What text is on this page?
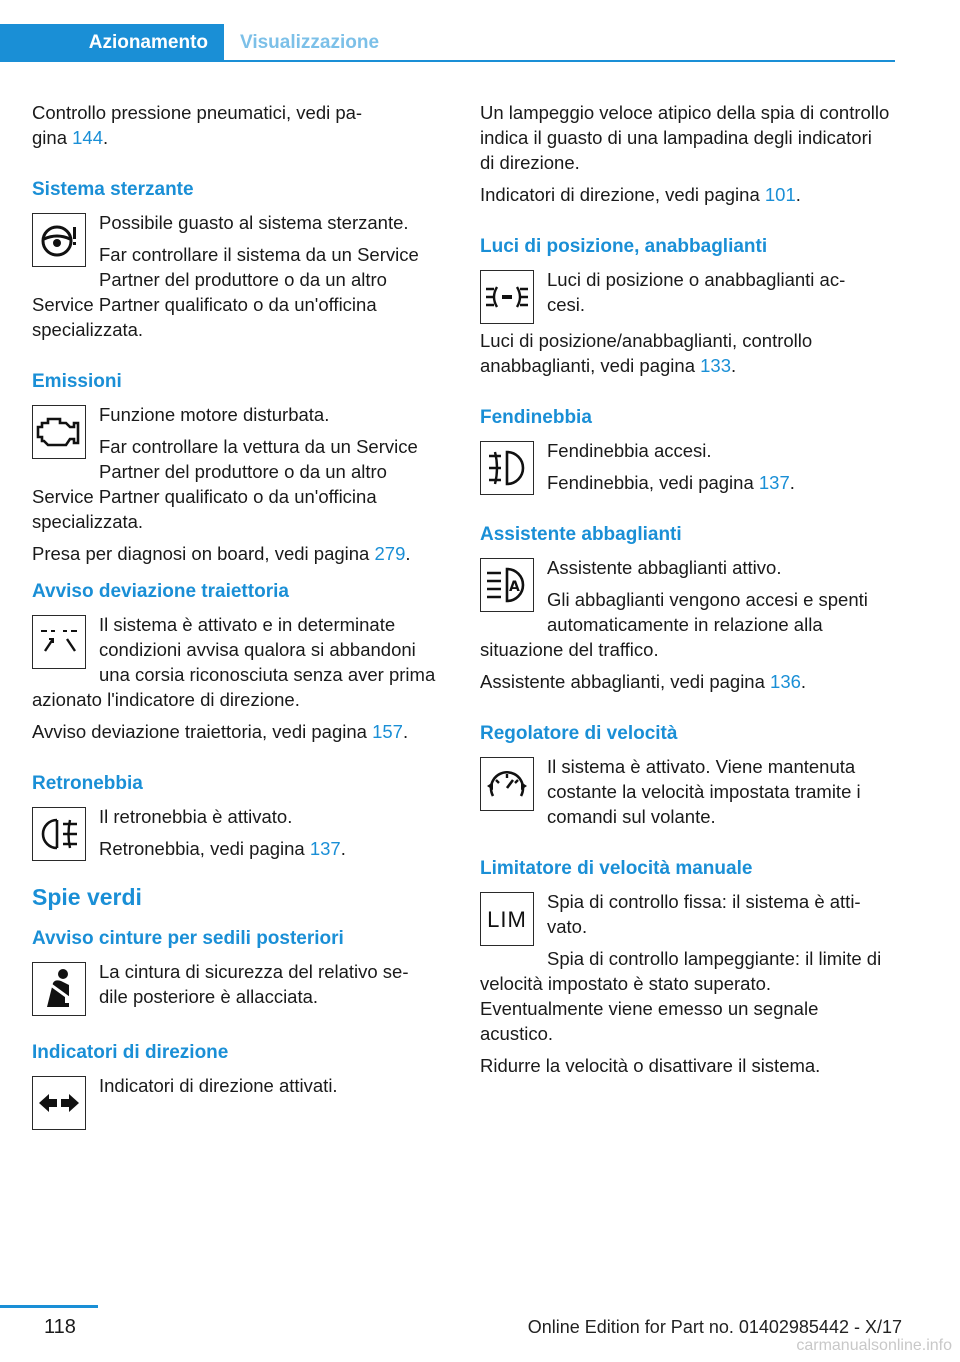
Azionamento	Visualizzazione

Controllo pressione pneumatici, vedi pa-
gina 144.

Sistema sterzante

Possibile guasto al sistema sterzante.

Far controllare il sistema da un Service Partner del produttore o da un altro Service Partner qualificato o da un'officina specializzata.

Emissioni

Funzione motore disturbata.

Far controllare la vettura da un Service Partner del produttore o da un altro Service Partner qualificato o da un'officina specializzata.

Presa per diagnosi on board, vedi pagina 279.

Avviso deviazione traiettoria

Il sistema è attivato e in determinate condizioni avvisa qualora si abbandoni una corsia riconosciuta senza aver prima azionato l'indicatore di direzione.

Avviso deviazione traiettoria, vedi pagina 157.

Retronebbia

Il retronebbia è attivato.

Retronebbia, vedi pagina 137.

Spie verdi
Avviso cinture per sedili posteriori

La cintura di sicurezza del relativo se-
dile posteriore è allacciata.

Indicatori di direzione

Indicatori di direzione attivati.

Un lampeggio veloce atipico della spia di controllo indica il guasto di una lampadina degli indicatori di direzione.

Indicatori di direzione, vedi pagina 101.

Luci di posizione, anabbaglianti

Luci di posizione o anabbaglianti ac-
cesi.

Luci di posizione/anabbaglianti, controllo anabbaglianti, vedi pagina 133.

Fendinebbia

Fendinebbia accesi.

Fendinebbia, vedi pagina 137.

Assistente abbaglianti
A

Assistente abbaglianti attivo.

Gli abbaglianti vengono accesi e spenti automaticamente in relazione alla situazione del traffico.

Assistente abbaglianti, vedi pagina 136.

Regolatore di velocità

Il sistema è attivato. Viene mantenuta costante la velocità impostata tramite i comandi sul volante.

Limitatore di velocità manuale
LIM

Spia di controllo fissa: il sistema è atti-
vato.

Spia di controllo lampeggiante: il limite di velocità impostato è stato superato. Eventualmente viene emesso un segnale acustico.

Ridurre la velocità o disattivare il sistema.

118	Online Edition for Part no. 01402985442 - X/17
carmanualsonline.info
